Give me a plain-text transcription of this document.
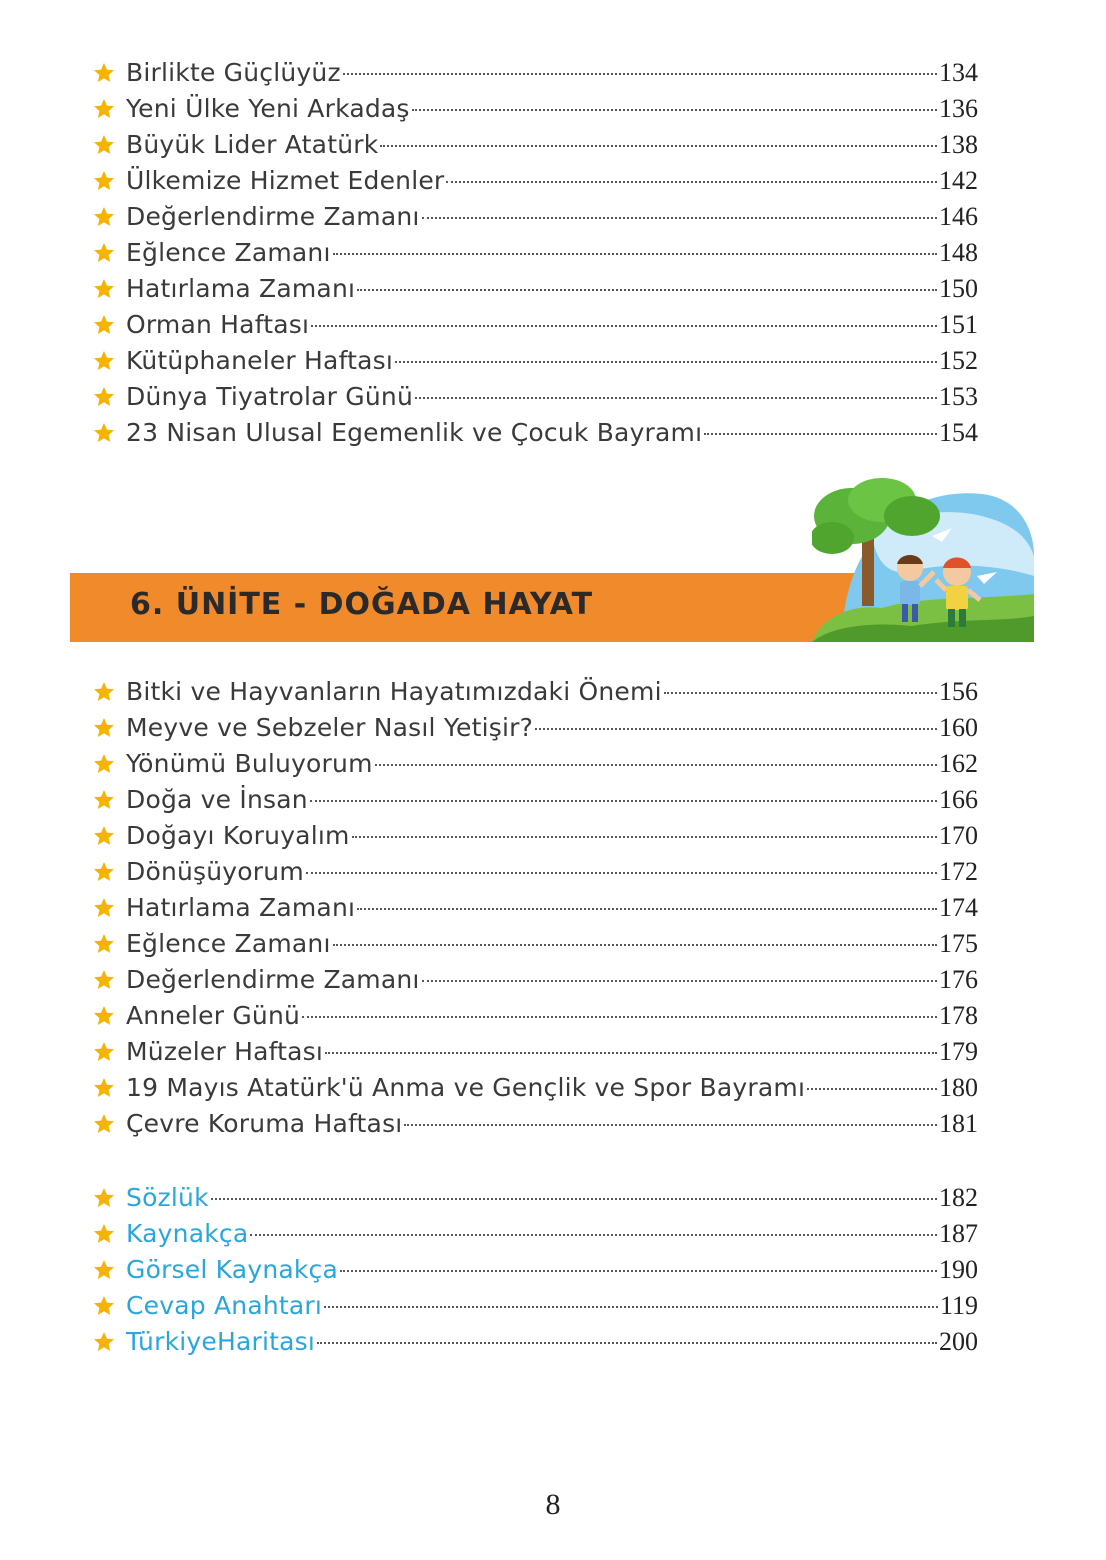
Birlikte Güçlüyüz	134
Yeni Ülke Yeni Arkadaş	136
Büyük Lider Atatürk	138
Ülkemize Hizmet Edenler	142
Değerlendirme Zamanı	146
Eğlence Zamanı	148
Hatırlama Zamanı	150
Orman Haftası	151
Kütüphaneler Haftası	152
Dünya Tiyatrolar Günü	153
23 Nisan Ulusal Egemenlik ve Çocuk Bayramı	154
6. ÜNİTE - DOĞADA HAYAT
Bitki ve Hayvanların Hayatımızdaki Önemi	156
Meyve ve Sebzeler Nasıl Yetişir?	160
Yönümü Buluyorum	162
Doğa ve İnsan	166
Doğayı Koruyalım	170
Dönüşüyorum	172
Hatırlama Zamanı	174
Eğlence Zamanı	175
Değerlendirme Zamanı	176
Anneler Günü	178
Müzeler Haftası	179
19 Mayıs Atatürk'ü Anma ve Gençlik ve Spor Bayramı	180
Çevre Koruma Haftası	181
Sözlük	182
Kaynakça	187
Görsel Kaynakça	190
Cevap Anahtarı	119
TürkiyeHaritası	200
8
